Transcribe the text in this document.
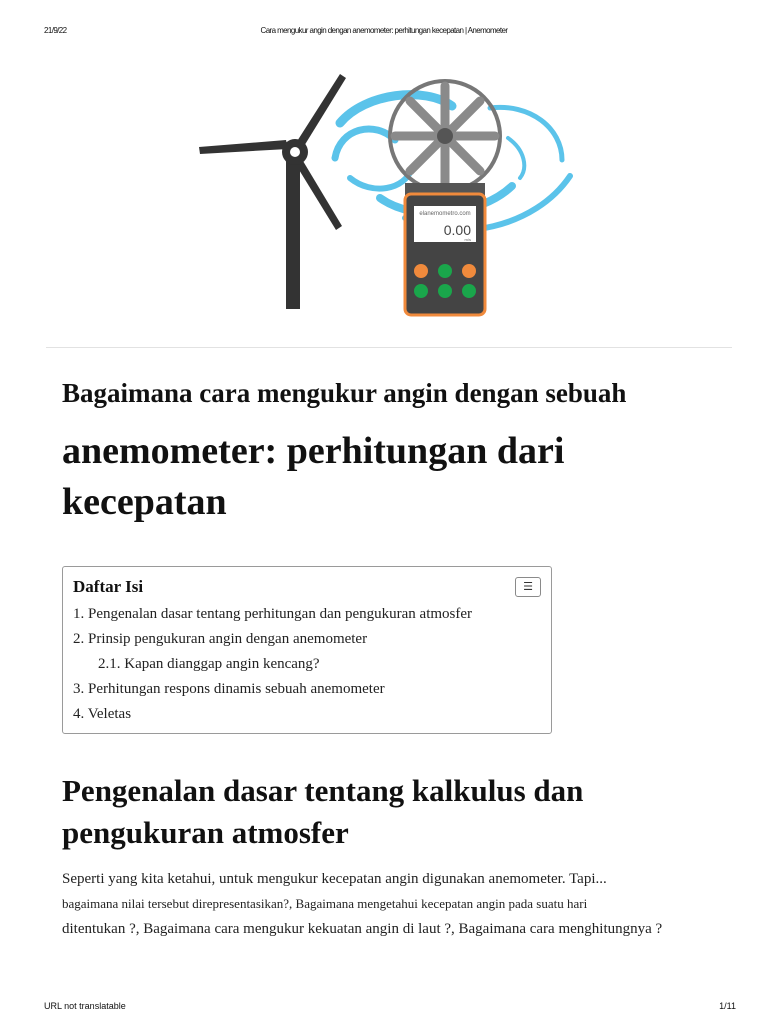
21/9/22	Cara mengukur angin dengan anemometer: perhitungan kecepatan | Anemometer
elanemometro.com
0.00
m/s
Bagaimana cara mengukur angin dengan sebuah
anemometer: perhitungan dari kecepatan
Daftar Isi	☰
1. Pengenalan dasar tentang perhitungan dan pengukuran atmosfer
2. Prinsip pengukuran angin dengan anemometer
2.1. Kapan dianggap angin kencang?
3. Perhitungan respons dinamis sebuah anemometer
4. Veletas
Pengenalan dasar tentang kalkulus dan pengukuran atmosfer
Seperti yang kita ketahui, untuk mengukur kecepatan angin digunakan anemometer. Tapi...
bagaimana nilai tersebut direpresentasikan?, Bagaimana mengetahui kecepatan angin pada suatu hari
ditentukan ?, Bagaimana cara mengukur kekuatan angin di laut ?, Bagaimana cara menghitungnya ?
URL not translatable	1/11
